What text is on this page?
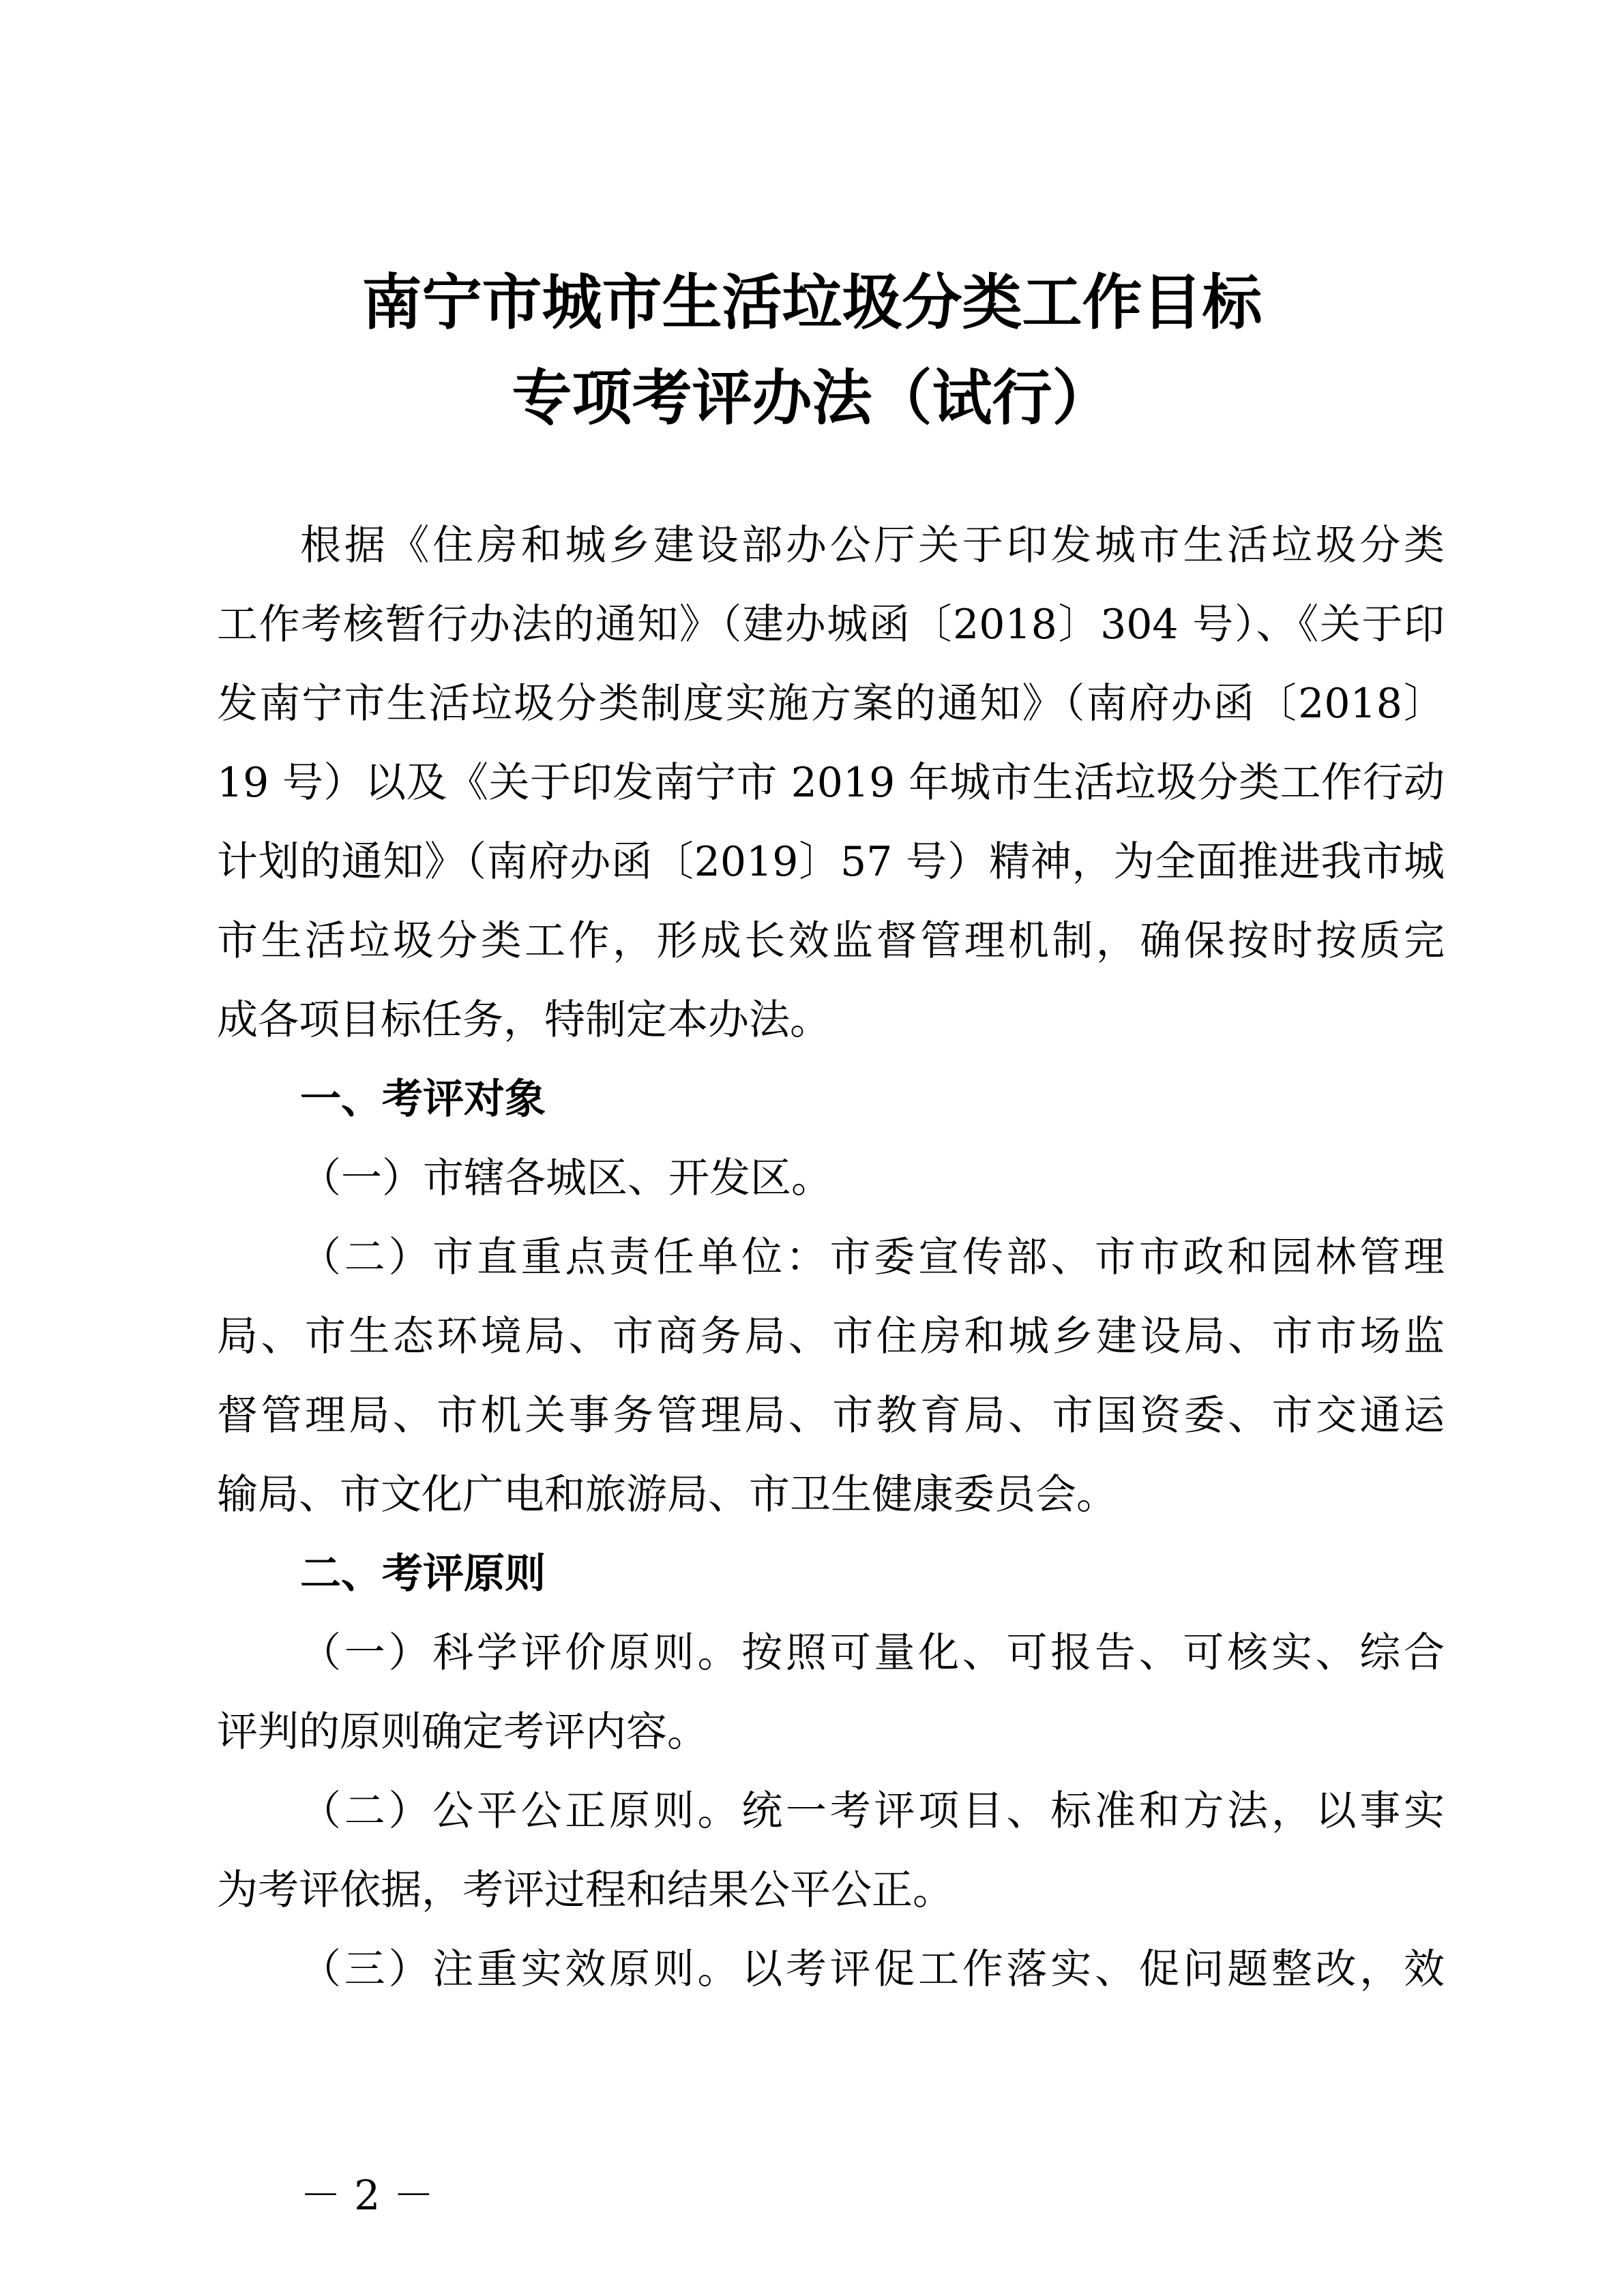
南宁市城市生活垃圾分类工作目标
专项考评办法（试行）
根据《住房和城乡建设部办公厅关于印发城市生活垃圾分类
工作考核暂行办法的通知》（建办城函〔2018〕304 号）、《关于印
发南宁市生活垃圾分类制度实施方案的通知》（南府办函〔2018〕
19 号）以及《关于印发南宁市 2019 年城市生活垃圾分类工作行动
计划的通知》（南府办函〔2019〕57 号）精神，为全面推进我市城
市生活垃圾分类工作，形成长效监督管理机制，确保按时按质完
成各项目标任务，特制定本办法。
一、考评对象
（一）市辖各城区、开发区。
（二）市直重点责任单位：市委宣传部、市市政和园林管理
局、市生态环境局、市商务局、市住房和城乡建设局、市市场监
督管理局、市机关事务管理局、市教育局、市国资委、市交通运
输局、市文化广电和旅游局、市卫生健康委员会。
二、考评原则
（一）科学评价原则。按照可量化、可报告、可核实、综合
评判的原则确定考评内容。
（二）公平公正原则。统一考评项目、标准和方法，以事实
为考评依据，考评过程和结果公平公正。
（三）注重实效原则。以考评促工作落实、促问题整改，效
－ 2 －
